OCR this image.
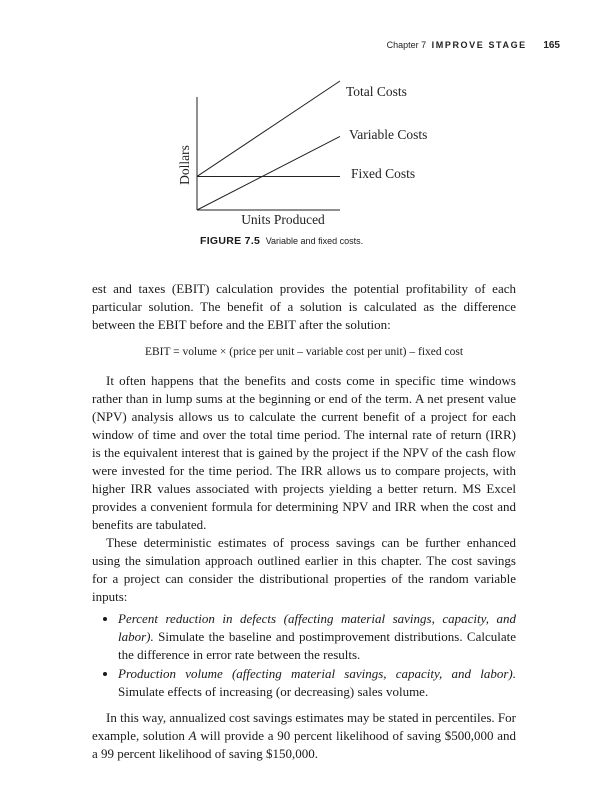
Chapter 7 IMPROVE STAGE 165
Total Costs
Variable Costs
Fixed Costs
Units Produced
Dollars
FIGURE 7.5 Variable and fixed costs.

est and taxes (EBIT) calculation provides the potential profitability of each particular solution. The benefit of a solution is calculated as the difference between the EBIT before and the EBIT after the solution:

EBIT = volume × (price per unit – variable cost per unit) – fixed cost

It often happens that the benefits and costs come in specific time windows rather than in lump sums at the beginning or end of the term. A net present value (NPV) analysis allows us to calculate the current benefit of a project for each window of time and over the total time period. The internal rate of return (IRR) is the equivalent interest that is gained by the project if the NPV of the cash flow were invested for the time period. The IRR allows us to compare projects, with higher IRR values associated with projects yielding a better return. MS Excel provides a convenient formula for determining NPV and IRR when the cost and benefits are tabulated.

These deterministic estimates of process savings can be further enhanced using the simulation approach outlined earlier in this chapter. The cost savings for a project can consider the distributional properties of the random variable inputs:

• Percent reduction in defects (affecting material savings, capacity, and labor). Simulate the baseline and postimprovement distributions. Calculate the difference in error rate between the results.
• Production volume (affecting material savings, capacity, and labor). Simulate effects of increasing (or decreasing) sales volume.

In this way, annualized cost savings estimates may be stated in percentiles. For example, solution A will provide a 90 percent likelihood of saving $500,000 and a 99 percent likelihood of saving $150,000.
